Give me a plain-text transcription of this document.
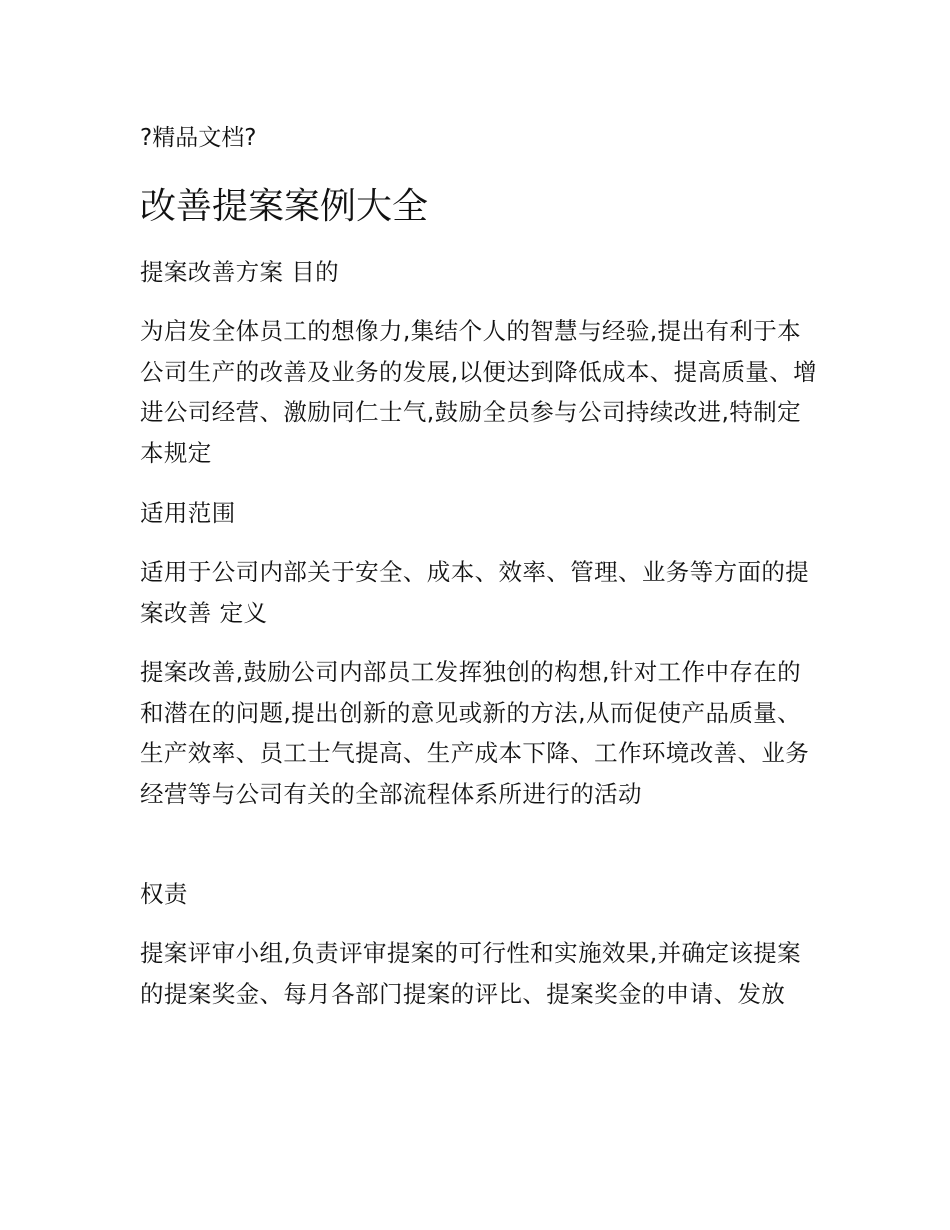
?精品文档?
改善提案案例大全

提案改善方案 目的

为启发全体员工的想像力,集结个人的智慧与经验,提出有利于本公司生产的改善及业务的发展,以便达到降低成本、提高质量、增进公司经营、激励同仁士气,鼓励全员参与公司持续改进,特制定本规定

适用范围

适用于公司内部关于安全、成本、效率、管理、业务等方面的提案改善 定义

提案改善,鼓励公司内部员工发挥独创的构想,针对工作中存在的和潜在的问题,提出创新的意见或新的方法,从而促使产品质量、生产效率、员工士气提高、生产成本下降、工作环境改善、业务经营等与公司有关的全部流程体系所进行的活动

权责

提案评审小组,负责评审提案的可行性和实施效果,并确定该提案的提案奖金、每月各部门提案的评比、提案奖金的申请、发放
